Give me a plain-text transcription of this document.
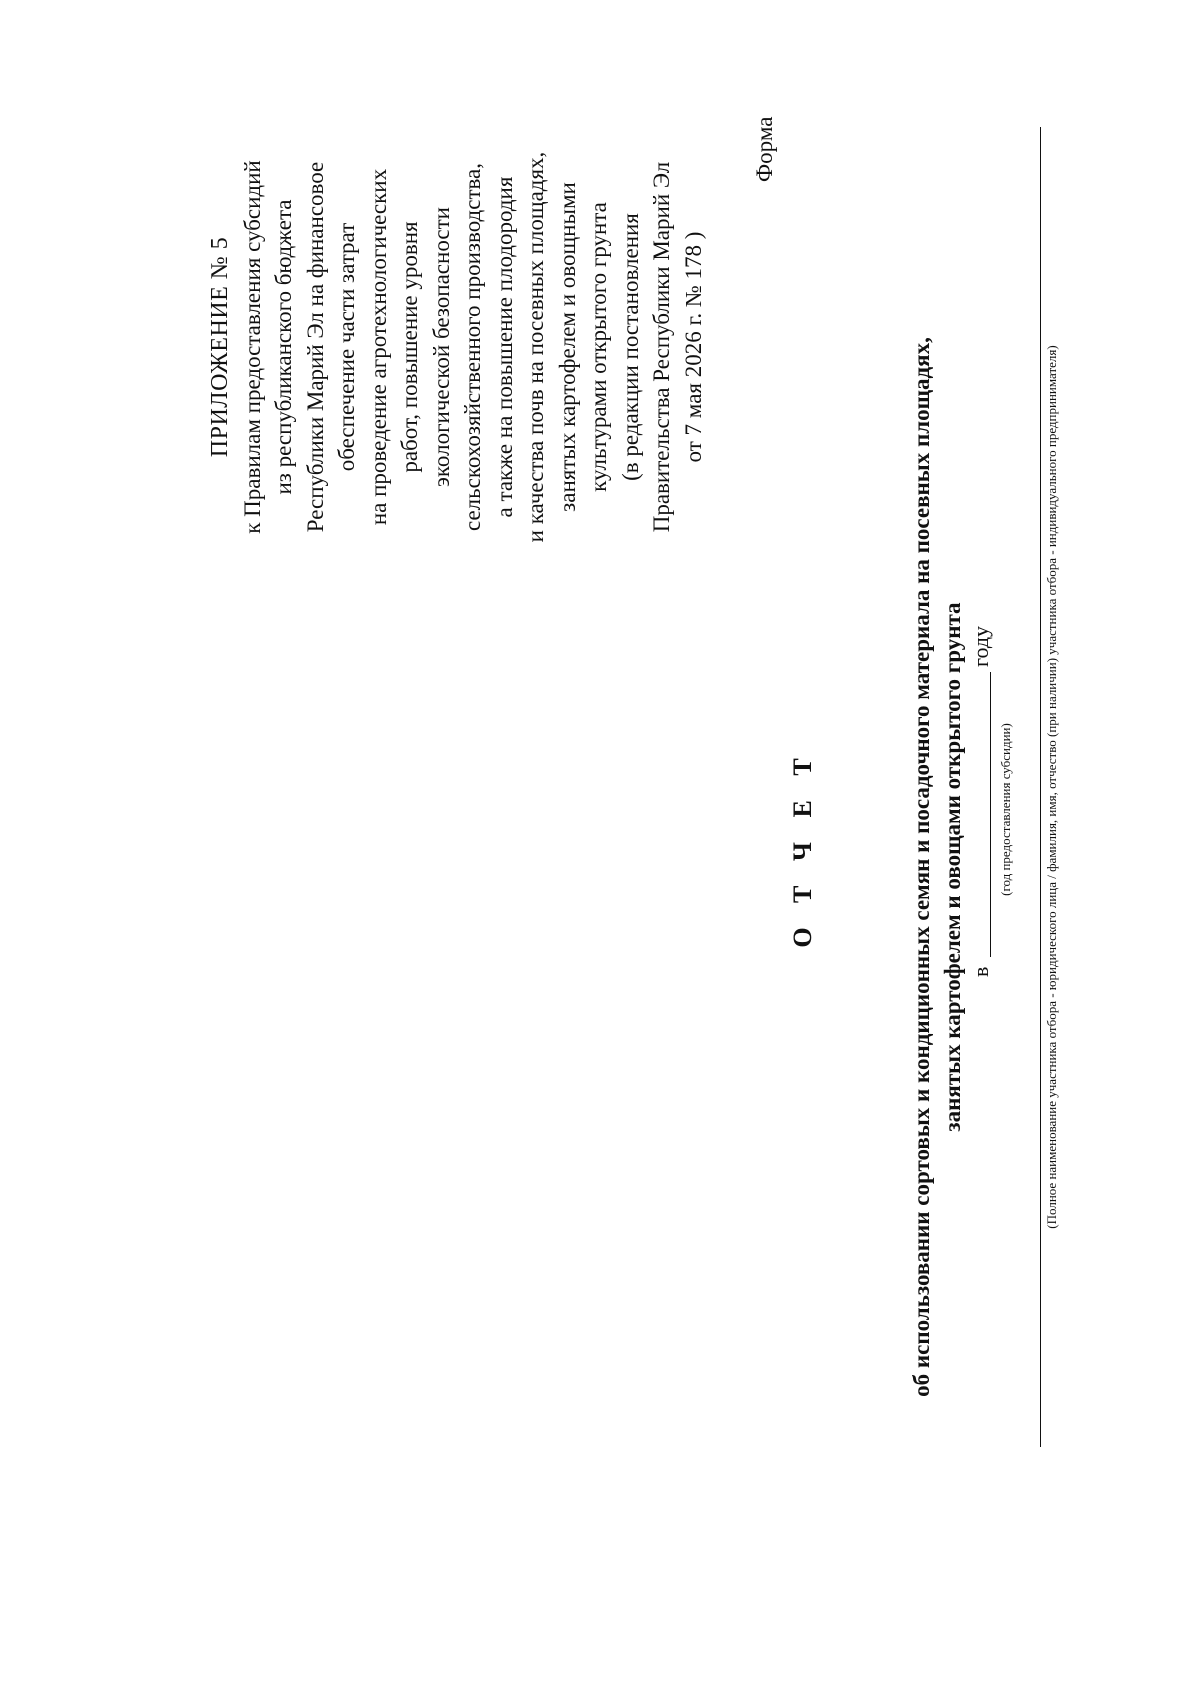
ПРИЛОЖЕНИЕ № 5 к Правилам предоставления субсидий из республиканского бюджета Республики Марий Эл на финансовое обеспечение части затрат на проведение агротехнологических работ, повышение уровня экологической безопасности сельскохозяйственного производства, а также на повышение плодородия и качества почв на посевных площадях, занятых картофелем и овощными культурами открытого грунта (в редакции постановления Правительства Республики Марий Эл от 7 мая 2026 г. № 178 )
Форма
О Т Ч Е Т	об использовании сортовых и кондиционных семян и посадочного материала на посевных площадях, занятых картофелем и овощами открытого грунта в
году
(год предоставления субсидии) (Полное наименование участника отбора - юридического лица / фамилия, имя, отчество (при наличии) участника отбора - индивидуального предпринимателя)
